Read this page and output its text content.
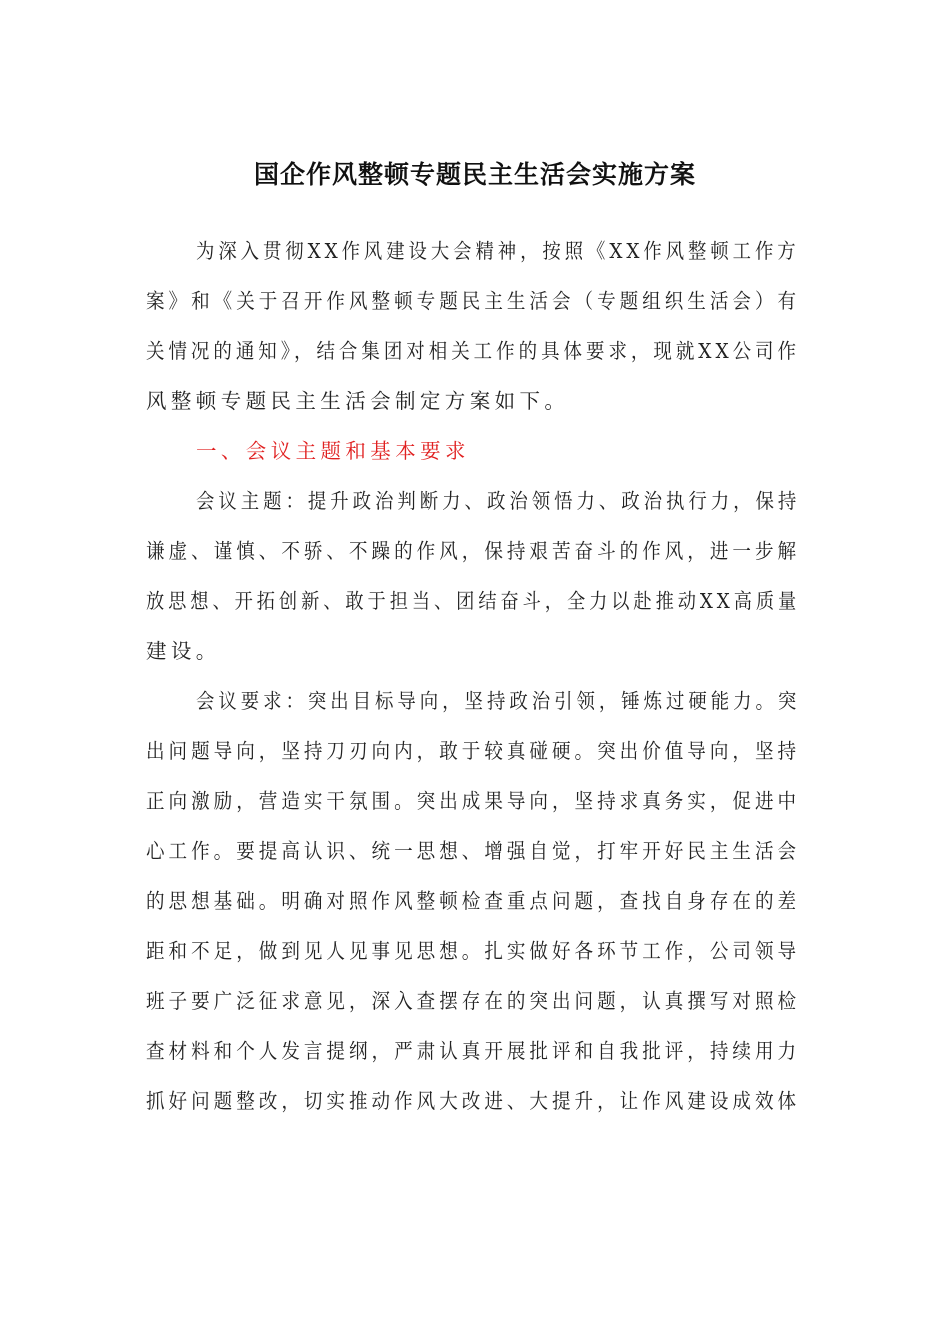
国企作风整顿专题民主生活会实施方案
为深入贯彻XX作风建设大会精神，按照《XX作风整顿工作方
案》和《关于召开作风整顿专题民主生活会（专题组织生活会）有
关情况的通知》，结合集团对相关工作的具体要求，现就XX公司作
风整顿专题民主生活会制定方案如下。
一、会议主题和基本要求
会议主题：提升政治判断力、政治领悟力、政治执行力，保持
谦虚、谨慎、不骄、不躁的作风，保持艰苦奋斗的作风，进一步解
放思想、开拓创新、敢于担当、团结奋斗，全力以赴推动XX高质量
建设。
会议要求：突出目标导向，坚持政治引领，锤炼过硬能力。突
出问题导向，坚持刀刃向内，敢于较真碰硬。突出价值导向，坚持
正向激励，营造实干氛围。突出成果导向，坚持求真务实，促进中
心工作。要提高认识、统一思想、增强自觉，打牢开好民主生活会
的思想基础。明确对照作风整顿检查重点问题，查找自身存在的差
距和不足，做到见人见事见思想。扎实做好各环节工作，公司领导
班子要广泛征求意见，深入查摆存在的突出问题，认真撰写对照检
查材料和个人发言提纲，严肃认真开展批评和自我批评，持续用力
抓好问题整改，切实推动作风大改进、大提升，让作风建设成效体
